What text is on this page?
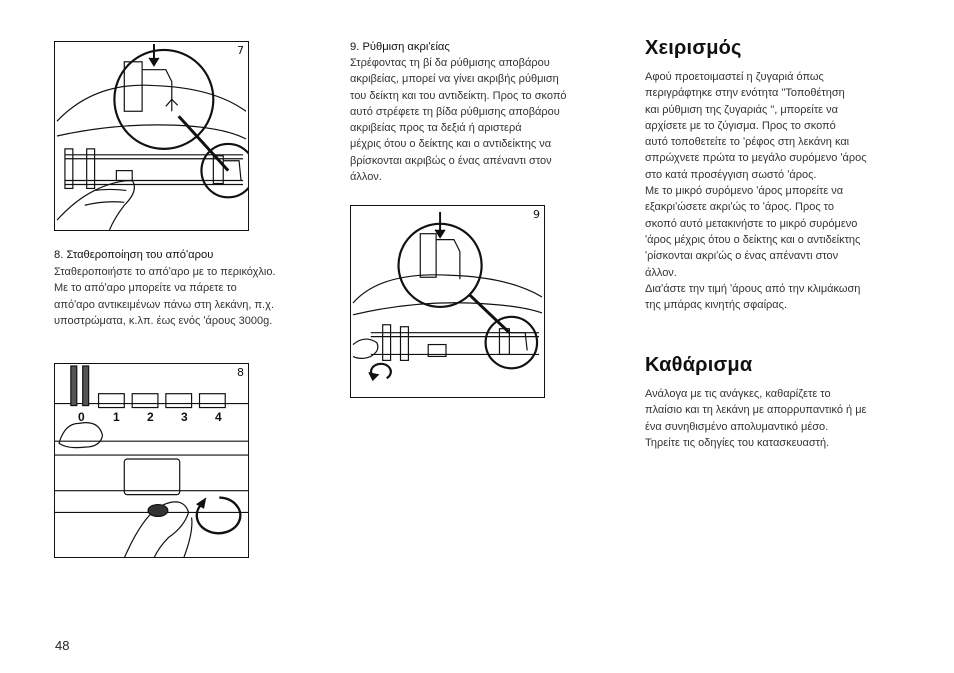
7
8
0 1 2 3 4
9
8. Σταθεροποίηση του απόʹαρου
Σταθεροποιήστε το απόʹαρο με το περικόχλιο.
Με το απόʹαρο μπορείτε να πάρετε το
απόʹαρο αντικειμένων πάνω στη λεκάνη, π.χ.
υποστρώματα, κ.λπ. έως ενός ʹάρους 3000g.
9. Ρύθμιση ακριʹείας
Στρέφοντας τη βί δα ρύθμισης αποβάρου
ακριβείας, μπορεί να γίνει ακριβής ρύθμιση
του δείκτη και του αντιδείκτη. Προς το σκοπό
αυτό στρέφετε τη βίδα ρύθμισης αποβάρου
ακριβείας προς τα δεξιά ή αριστερά
μέχρις ότου ο δείκτης και ο αντιδείκτης να
βρίσκονται ακριβώς ο ένας απέναντι στον
άλλον.
Χειρισμός
Αφού προετοιμαστεί η ζυγαριά όπως
περιγράφτηκε στην ενότητα "Τοποθέτηση
και ρύθμιση της ζυγαριάς ", μπορείτε να
αρχίσετε με το ζύγισμα. Προς το σκοπό
αυτό τοποθετείτε το ʹρέφος στη λεκάνη και
σπρώχνετε πρώτα το μεγάλο συρόμενο ʹάρος
στο κατά προσέγγιση σωστό ʹάρος.
Με το μικρό συρόμενο ʹάρος μπορείτε να
εξακριʹώσετε ακριʹώς το ʹάρος. Προς το
σκοπό αυτό μετακινήστε το μικρό συρόμενο
ʹάρος μέχρις ότου ο δείκτης και ο αντιδείκτης
ʹρίσκονται ακριʹώς ο ένας απέναντι στον
άλλον.
Διαʹάστε την τιμή ʹάρους από την κλιμάκωση
της μπάρας κινητής σφαίρας.
Καθάρισμα
Ανάλογα με τις ανάγκες, καθαρίζετε το
πλαίσιο και τη λεκάνη με απορρυπαντικό ή με
ένα συνηθισμένο απολυμαντικό μέσο.
Τηρείτε τις οδηγίες του κατασκευαστή.
48
